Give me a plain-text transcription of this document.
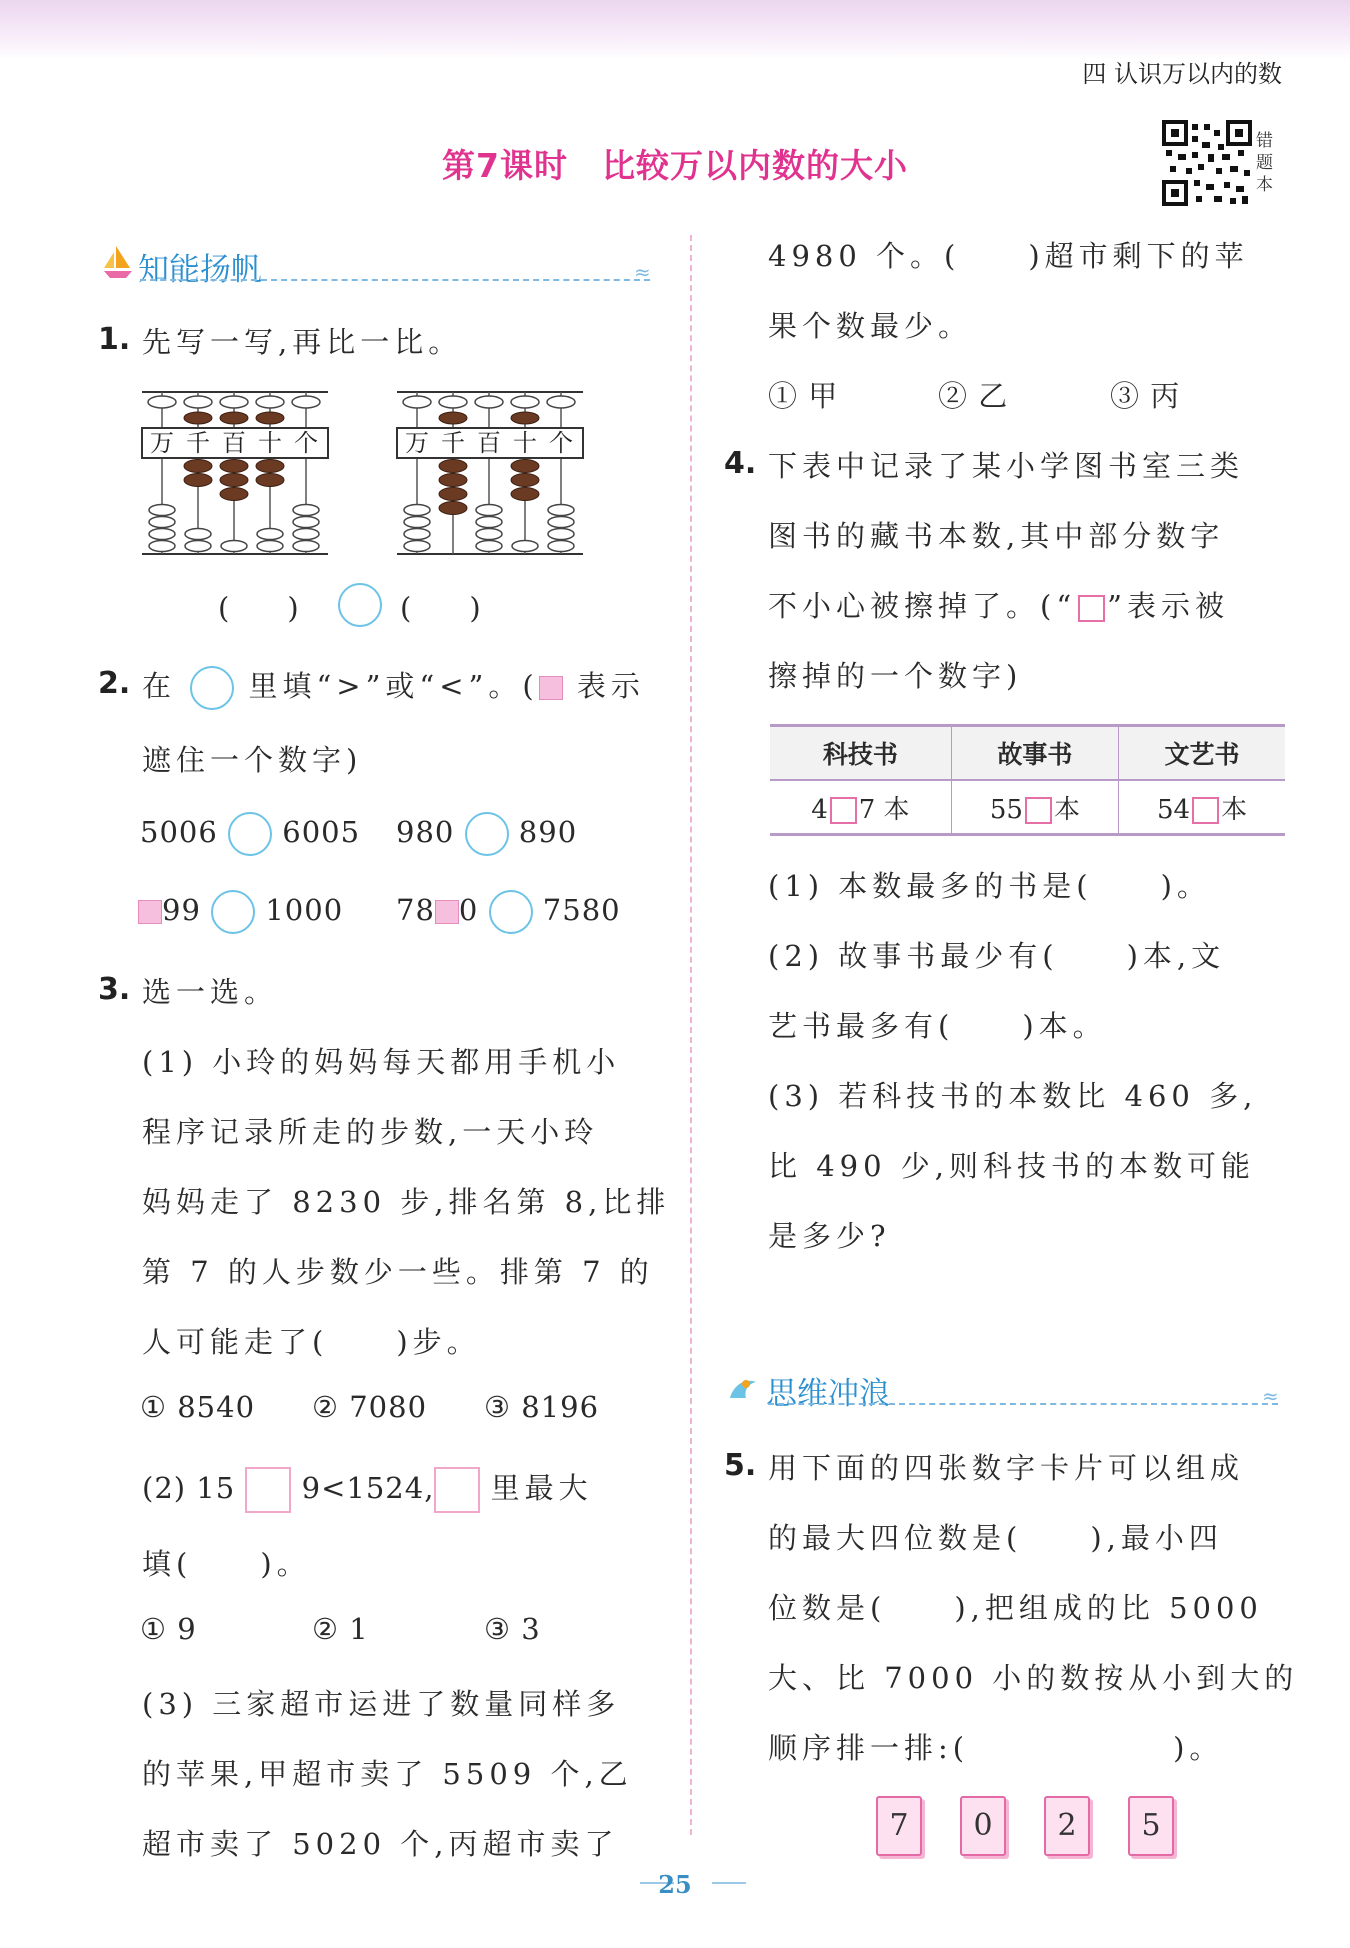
四 认识万以内的数
第7课时　比较万以内数的大小
错题本
知能扬帆	≈
1. 先写一写,再比一比。
万 千 百 十 个	万 千 百 十 个
(　　)	(　　)
2. 在 里填“>”或“<”。( 表示
遮住一个数字)
5006 6005 980 890
99 1000 78 0 7580
3. 选一选。
(1) 小玲的妈妈每天都用手机小
程序记录所走的步数,一天小玲
妈妈走了 8230 步,排名第 8,比排
第 7 的人步数少一些。排第 7 的
人可能走了(　　)步。
① 8540 ② 7080 ③ 8196
(2) 15 9<1524, 里最大
填(　　)。
① 9	② 1	③ 3
(3) 三家超市运进了数量同样多
的苹果,甲超市卖了 5509 个,乙
超市卖了 5020 个,丙超市卖了
4980 个。(　　)超市剩下的苹
果个数最少。
① 甲	② 乙	③ 丙
4. 下表中记录了某小学图书室三类
图书的藏书本数,其中部分数字
不小心被擦掉了。(“ ”表示被
擦掉的一个数字)
科技书	故事书	文艺书
4 7 本	55 本	54 本
(1) 本数最多的书是(　　)。
(2) 故事书最少有(　　)本,文
艺书最多有(　　)本。
(3) 若科技书的本数比 460 多,
比 490 少,则科技书的本数可能
是多少?
思维冲浪	≈
5. 用下面的四张数字卡片可以组成
的最大四位数是(　　),最小四
位数是(　　),把组成的比 5000
大、比 7000 小的数按从小到大的
顺序排一排:(　　　　　　)。
7	0	2	5
25
